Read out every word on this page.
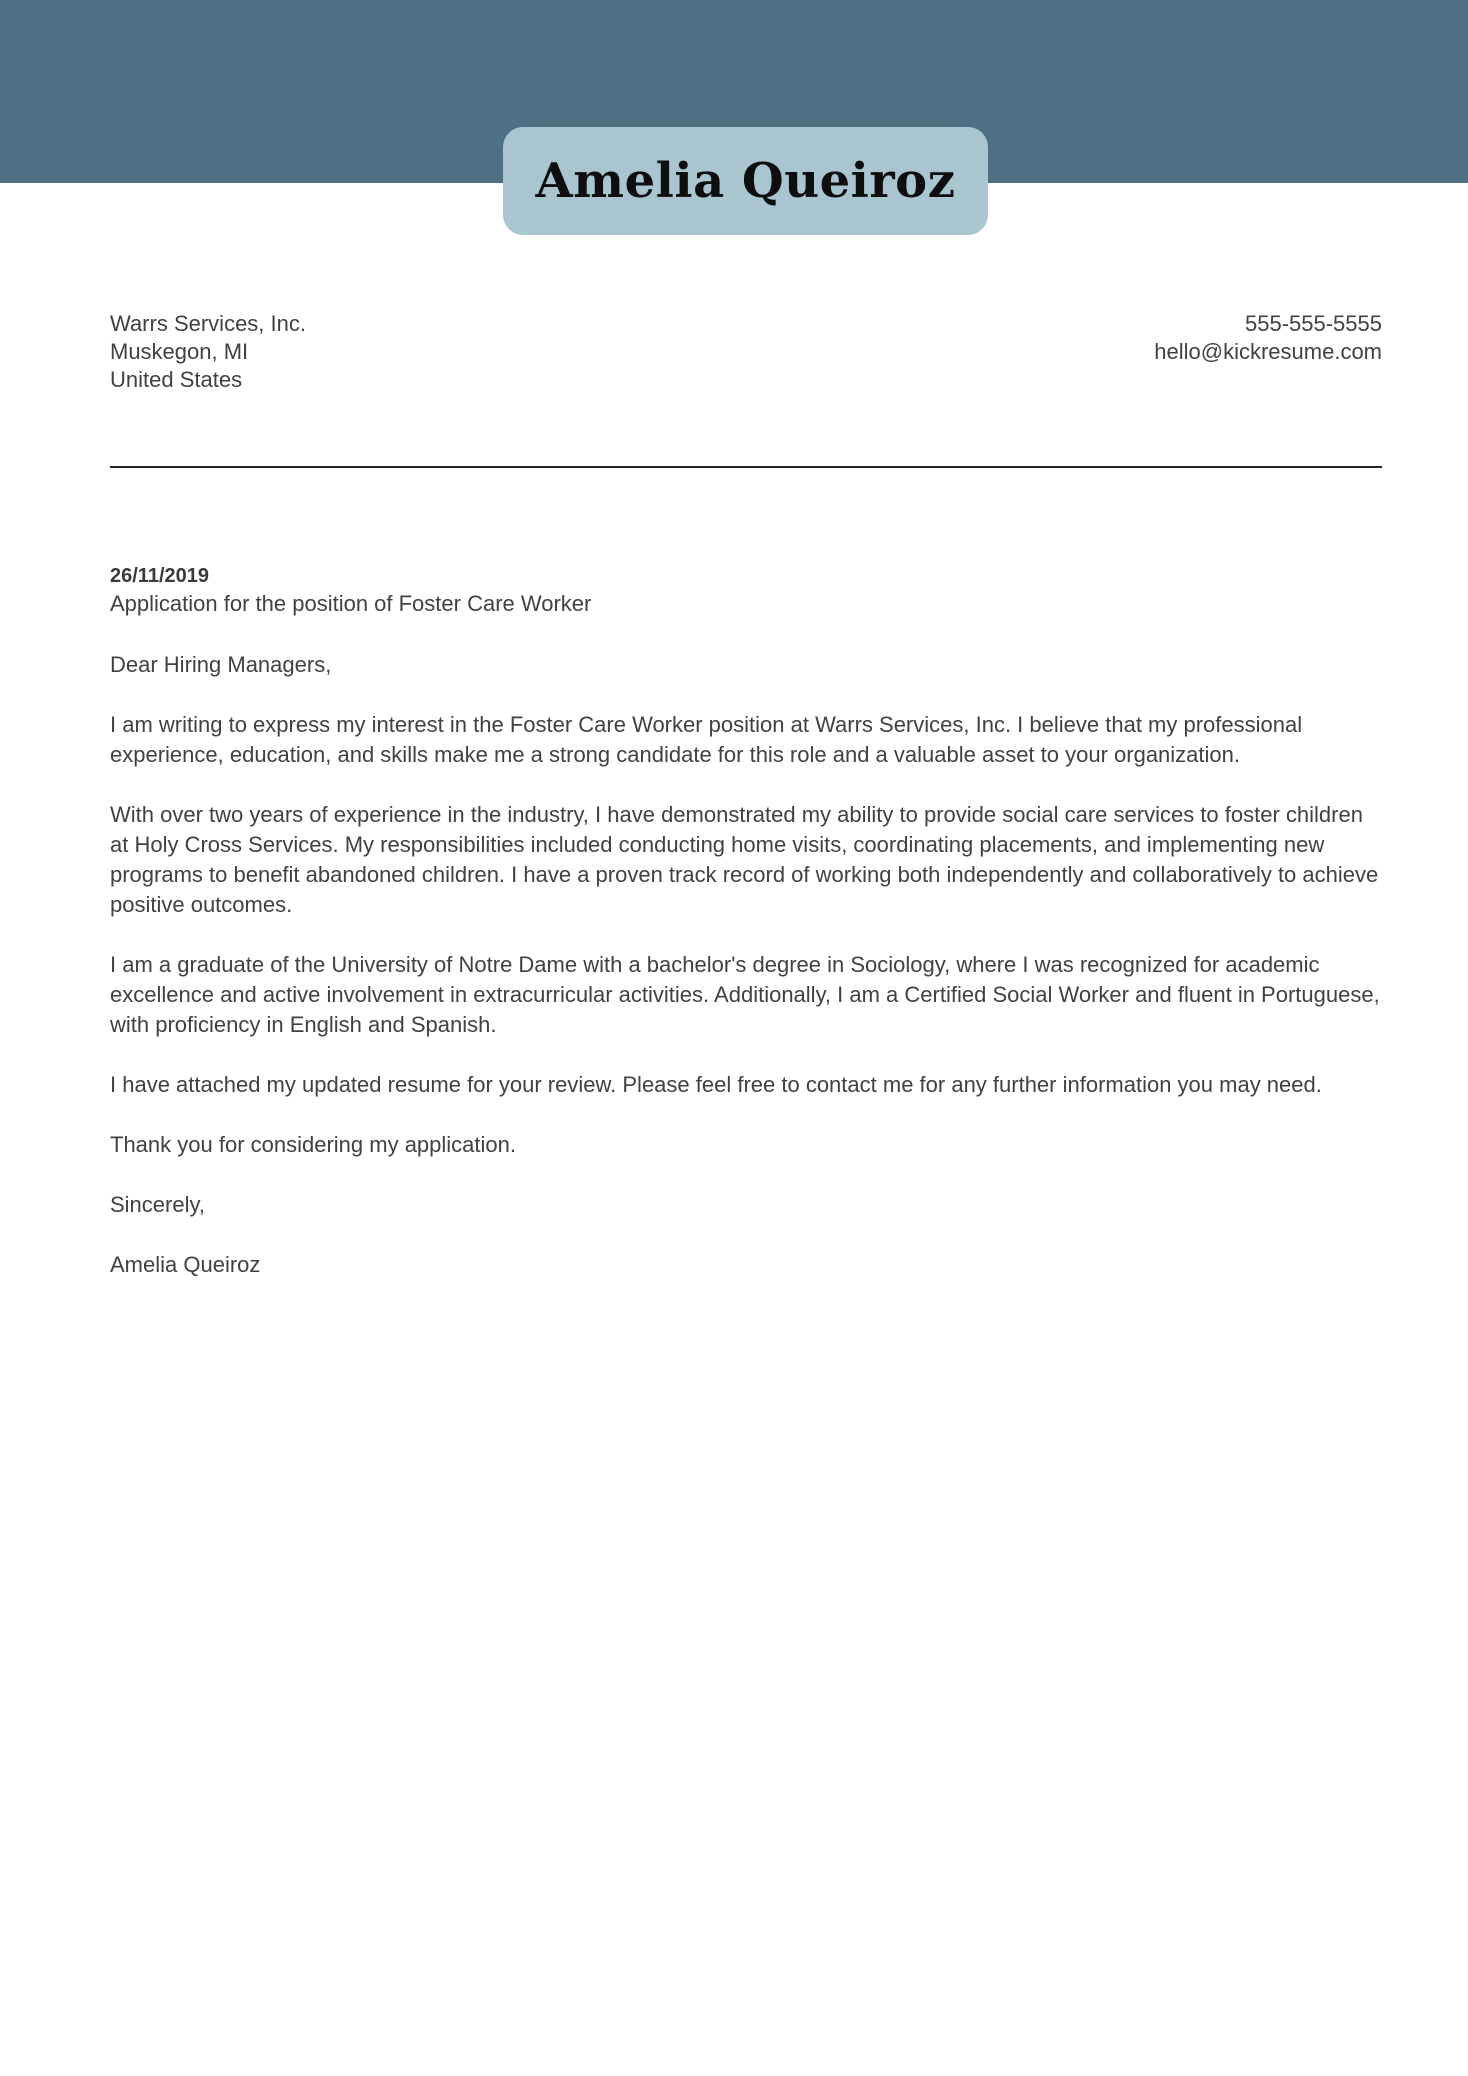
Amelia Queiroz
Warrs Services, Inc.
Muskegon, MI
United States
555-555-5555
hello@kickresume.com
26/11/2019
Application for the position of Foster Care Worker
Dear Hiring Managers,

I am writing to express my interest in the Foster Care Worker position at Warrs Services, Inc. I believe that my professional experience, education, and skills make me a strong candidate for this role and a valuable asset to your organization.

With over two years of experience in the industry, I have demonstrated my ability to provide social care services to foster children at Holy Cross Services. My responsibilities included conducting home visits, coordinating placements, and implementing new programs to benefit abandoned children. I have a proven track record of working both independently and collaboratively to achieve positive outcomes.

I am a graduate of the University of Notre Dame with a bachelor's degree in Sociology, where I was recognized for academic excellence and active involvement in extracurricular activities. Additionally, I am a Certified Social Worker and fluent in Portuguese, with proficiency in English and Spanish.

I have attached my updated resume for your review. Please feel free to contact me for any further information you may need.

Thank you for considering my application.

Sincerely,

Amelia Queiroz
